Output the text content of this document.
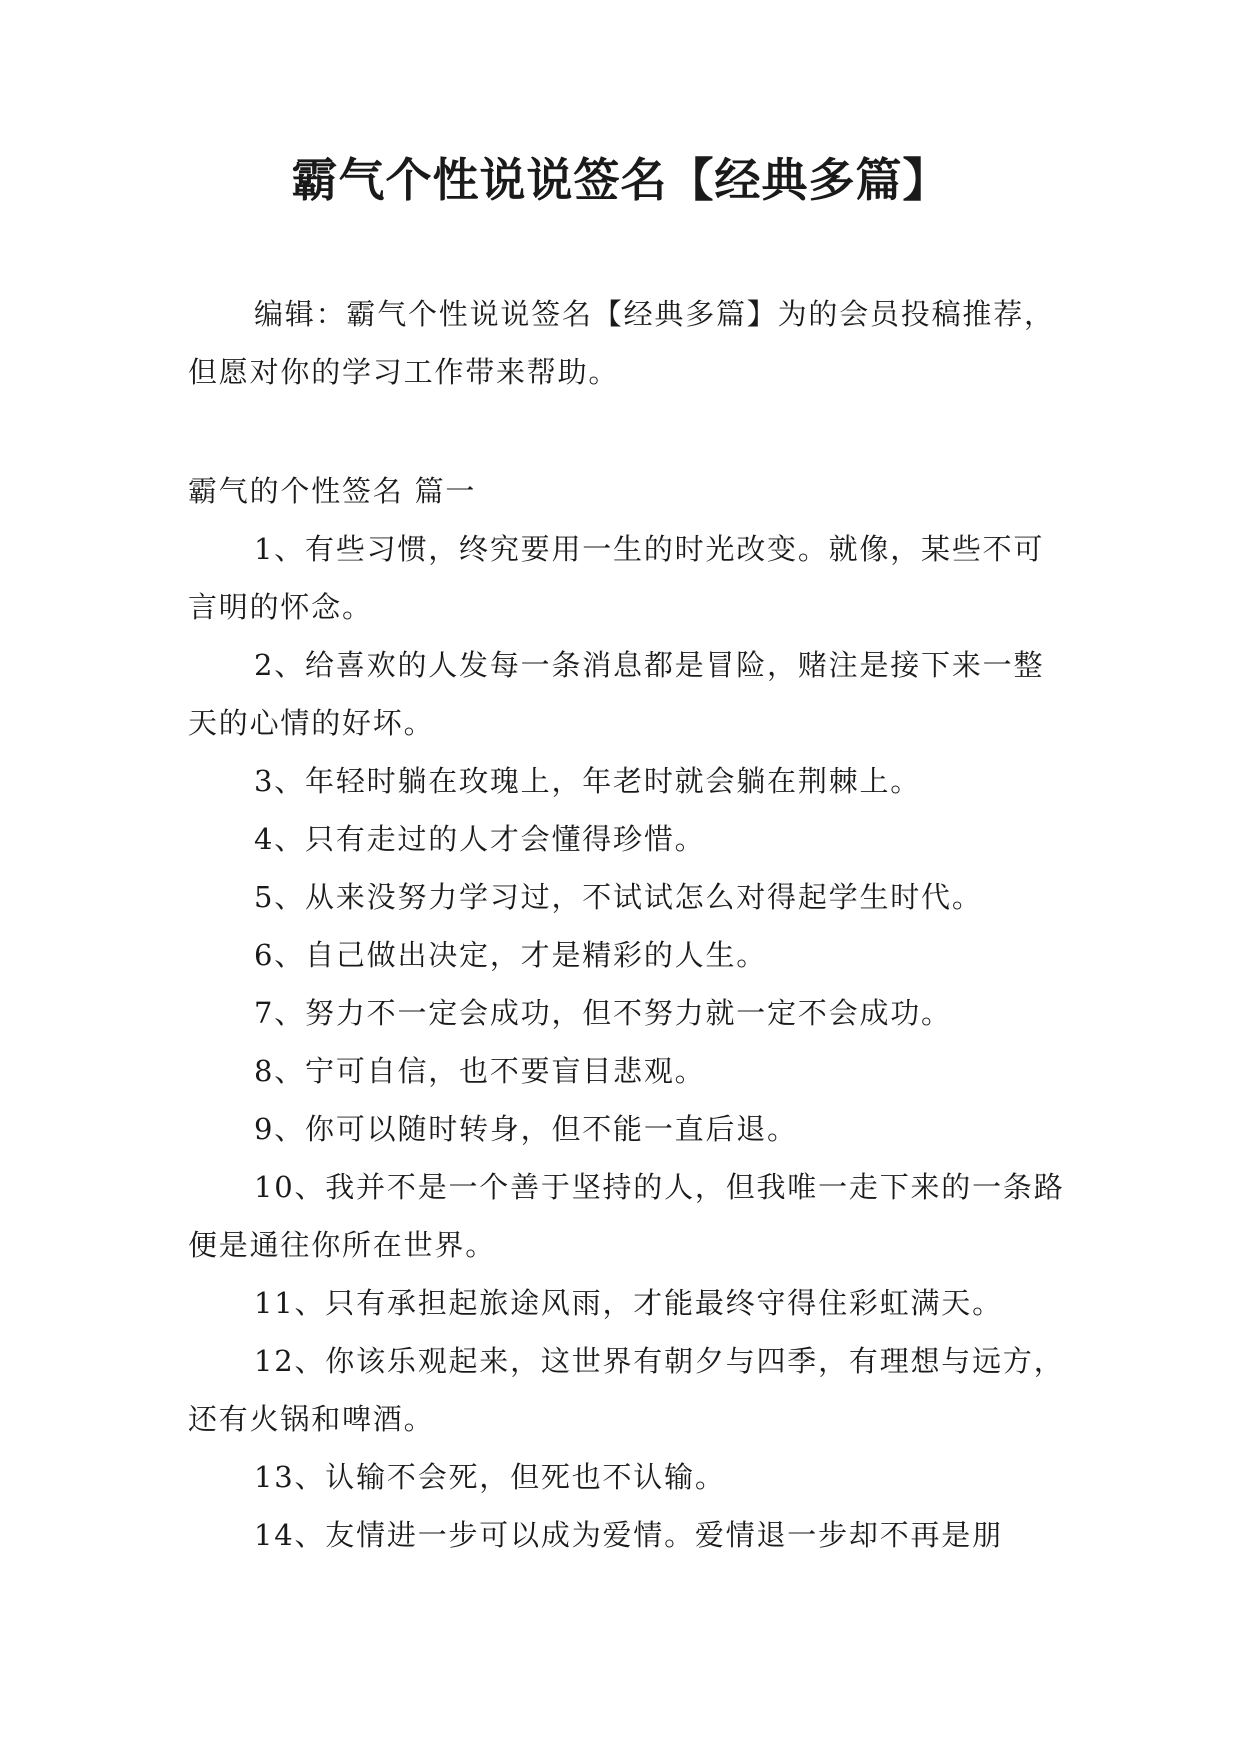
霸气个性说说签名【经典多篇】

编辑：霸气个性说说签名【经典多篇】为的会员投稿推荐，但愿对你的学习工作带来帮助。

霸气的个性签名 篇一

1、有些习惯，终究要用一生的时光改变。就像，某些不可言明的怀念。

2、给喜欢的人发每一条消息都是冒险，赌注是接下来一整天的心情的好坏。

3、年轻时躺在玫瑰上，年老时就会躺在荆棘上。

4、只有走过的人才会懂得珍惜。

5、从来没努力学习过，不试试怎么对得起学生时代。

6、自己做出决定，才是精彩的人生。

7、努力不一定会成功，但不努力就一定不会成功。

8、宁可自信，也不要盲目悲观。

9、你可以随时转身，但不能一直后退。

10、我并不是一个善于坚持的人，但我唯一走下来的一条路便是通往你所在世界。

11、只有承担起旅途风雨，才能最终守得住彩虹满天。

12、你该乐观起来，这世界有朝夕与四季，有理想与远方，还有火锅和啤酒。

13、认输不会死，但死也不认输。

14、友情进一步可以成为爱情。爱情退一步却不再是朋
